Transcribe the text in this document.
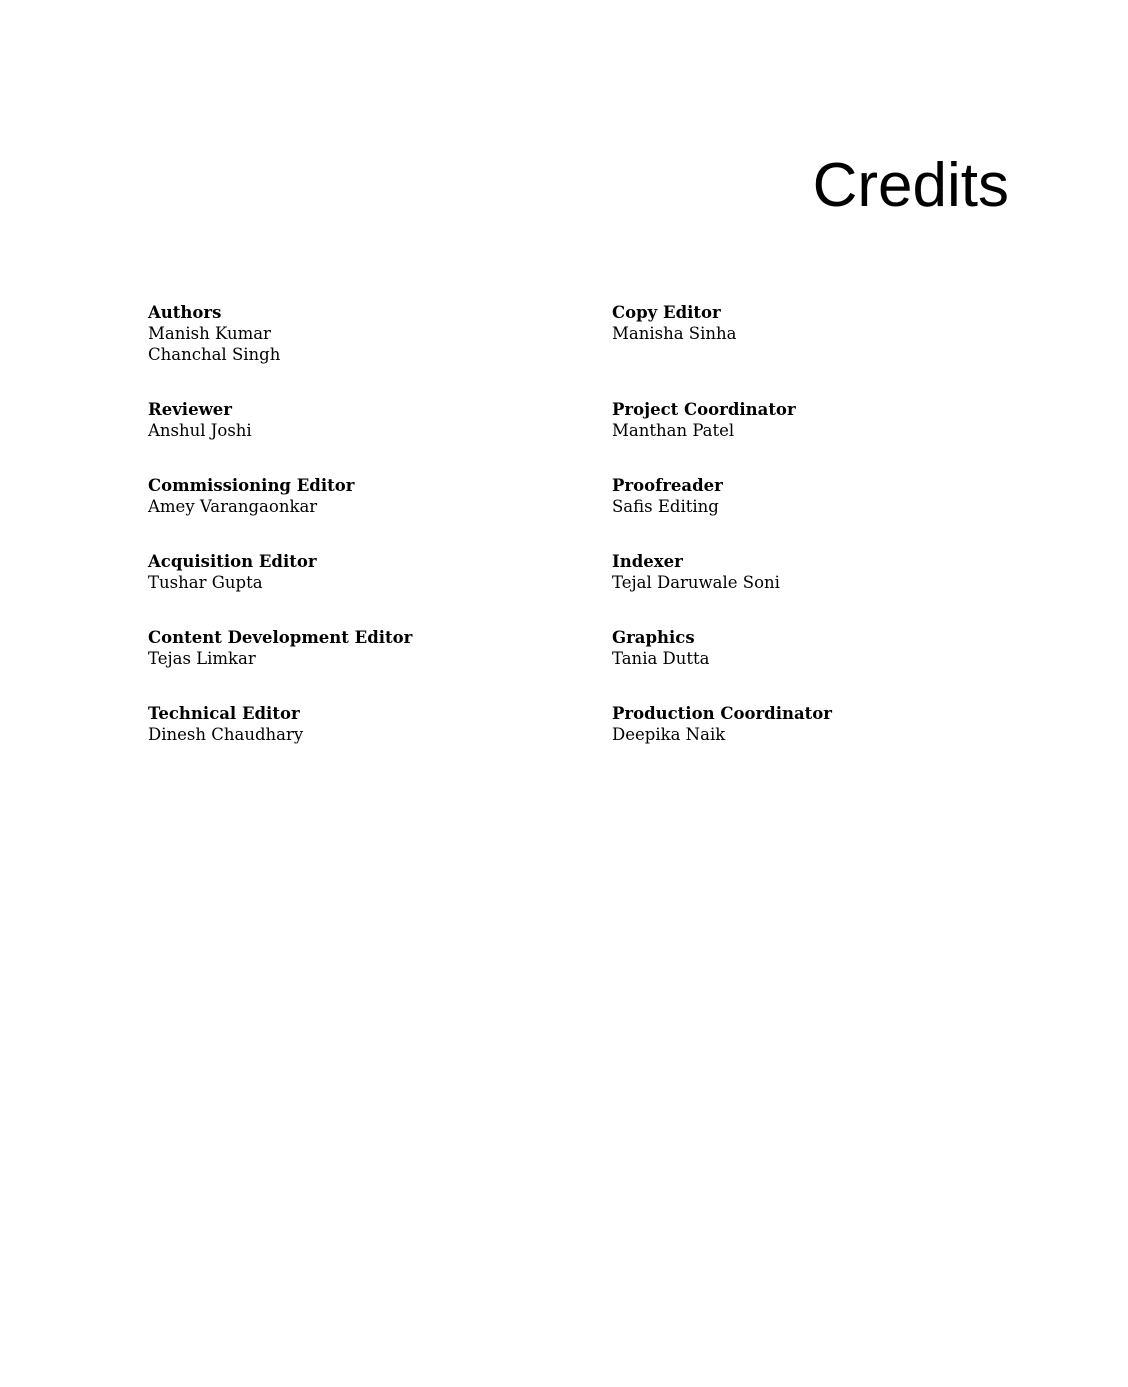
Credits
Authors
Manish Kumar
Chanchal Singh
Reviewer
Anshul Joshi
Commissioning Editor
Amey Varangaonkar
Acquisition Editor
Tushar Gupta
Content Development Editor
Tejas Limkar
Technical Editor
Dinesh Chaudhary
Copy Editor
Manisha Sinha
Project Coordinator
Manthan Patel
Proofreader
Safis Editing
Indexer
Tejal Daruwale Soni
Graphics
Tania Dutta
Production Coordinator
Deepika Naik
